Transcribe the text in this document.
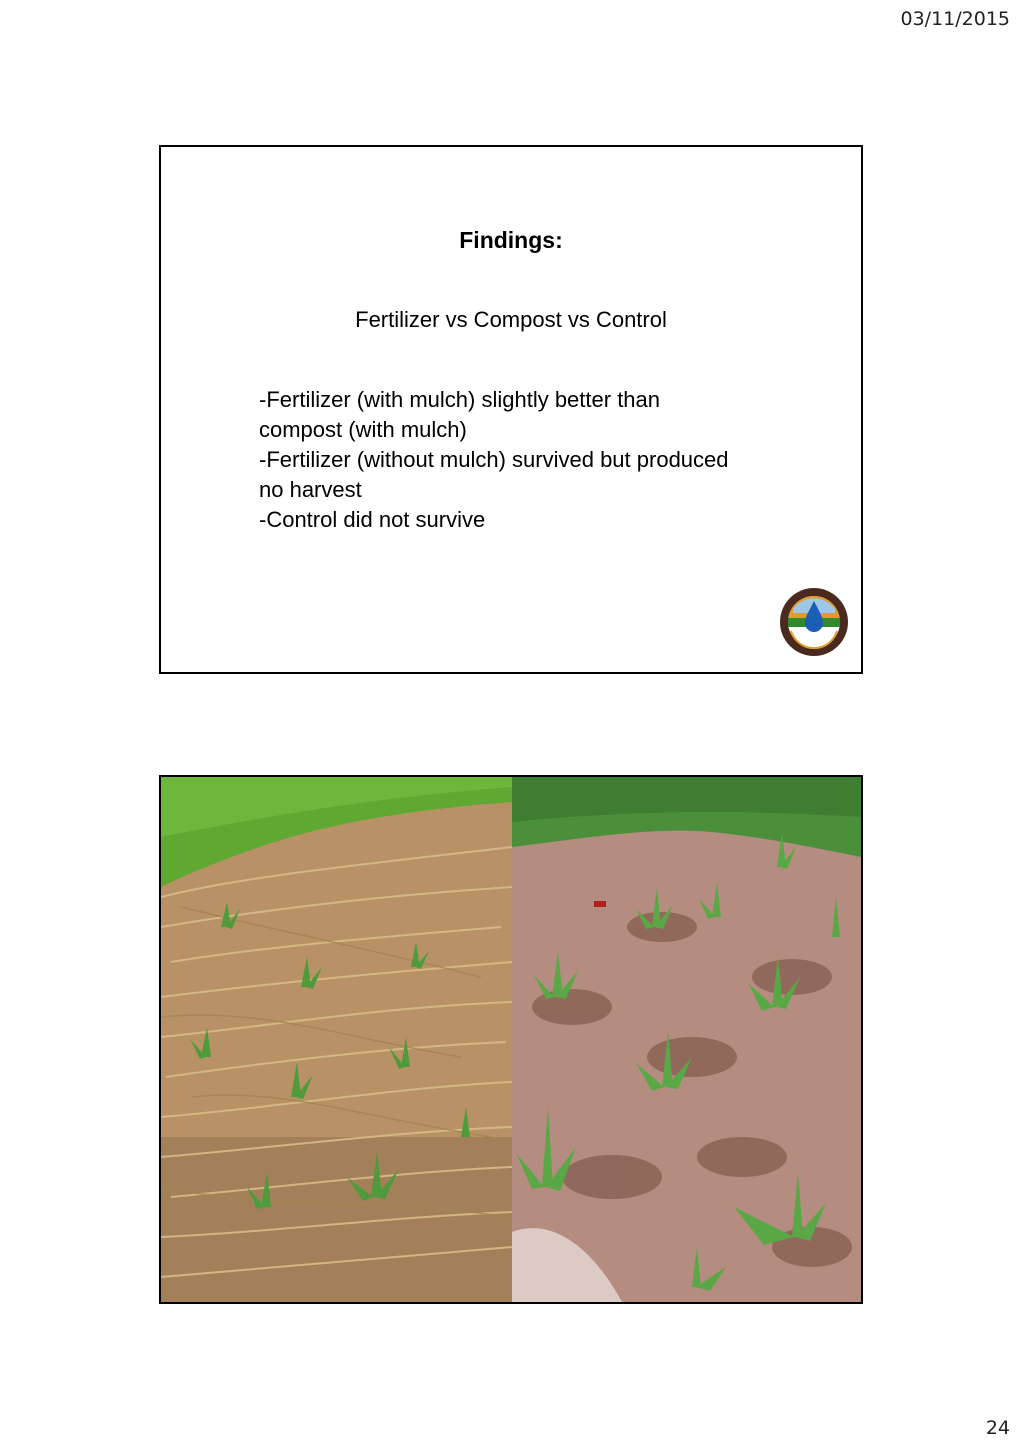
03/11/2015
Findings:
Fertilizer vs Compost vs Control

-Fertilizer (with mulch) slightly better than compost (with mulch)

-Fertilizer (without mulch) survived but produced no harvest

-Control did not survive

24
